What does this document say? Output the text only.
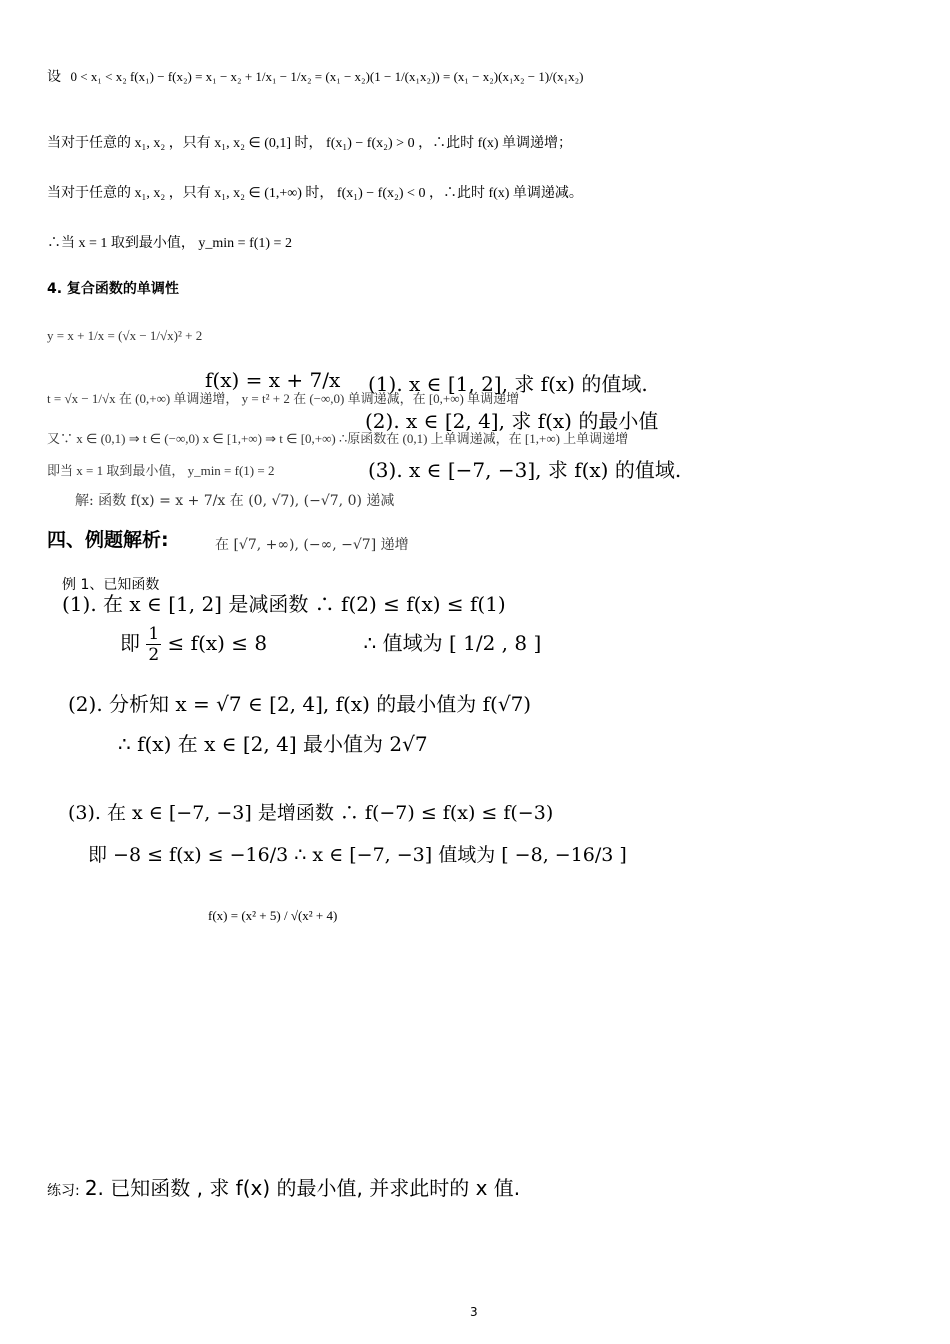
设 0 < x₁ < x₂ f(x₁) − f(x₂) = x₁ − x₂ + 1/x₁ − 1/x₂ = (x₁ − x₂)(1 − 1/(x₁x₂)) = (x₁ − x₂)(x₁x₂ − 1)/(x₁x₂)
当对于任意的 x₁, x₂ ，只有 x₁, x₂ ∈ (0,1] 时， f(x₁) − f(x₂) > 0 ，∴此时 f(x) 单调递增；
当对于任意的 x₁, x₂ ，只有 x₁, x₂ ∈ (1,+∞) 时， f(x₁) − f(x₂) < 0 ，∴此时 f(x) 单调递减。
∴当 x = 1 取到最小值， y_min = f(1) = 2
4. 复合函数的单调性
y = x + 1/x = (√x − 1/√x)² + 2
t = √x − 1/√x 在 (0,+∞) 单调递增， y = t² + 2 在 (−∞,0) 单调递减，在 [0,+∞) 单调递增
又∵ x ∈ (0,1) ⇒ t ∈ (−∞,0) x ∈ [1,+∞) ⇒ t ∈ [0,+∞) ∴原函数在 (0,1) 上单调递减，在 [1,+∞) 上单调递增
即当 x = 1 取到最小值， y_min = f(1) = 2
f(x) = x + 7/x (1). x ∈ [1, 2], 求 f(x) 的值域.
(2). x ∈ [2, 4], 求 f(x) 的最小值
(3). x ∈ [−7, −3], 求 f(x) 的值域.
解: 函数 f(x) = x + 7/x 在 (0, √7), (−√7, 0) 递减
在 [√7, +∞), (−∞, −√7] 递增
四、例题解析:
例 1、已知函数
(1). 在 x ∈ [1, 2] 是减函数 ∴ f(2) ≤ f(x) ≤ f(1)
即 $\frac{1}{2} \le f(x) \le 8$	∴ 值域为 [ 1/2 , 8 ]
(2). 分析知 x = √7 ∈ [2, 4], f(x) 的最小值为 f(√7)
∴ f(x) 在 x ∈ [2, 4] 最小值为 2√7
(3). 在 x ∈ [−7, −3] 是增函数 ∴ f(−7) ≤ f(x) ≤ f(−3)
即 −8 ≤ f(x) ≤ −16/3 ∴ x ∈ [−7, −3] 值域为 [ −8, −16/3 ]
f(x) = (x² + 5) / √(x² + 4)
练习: 2. 已知函数 , 求 f(x) 的最小值, 并求此时的 x 值.
3
